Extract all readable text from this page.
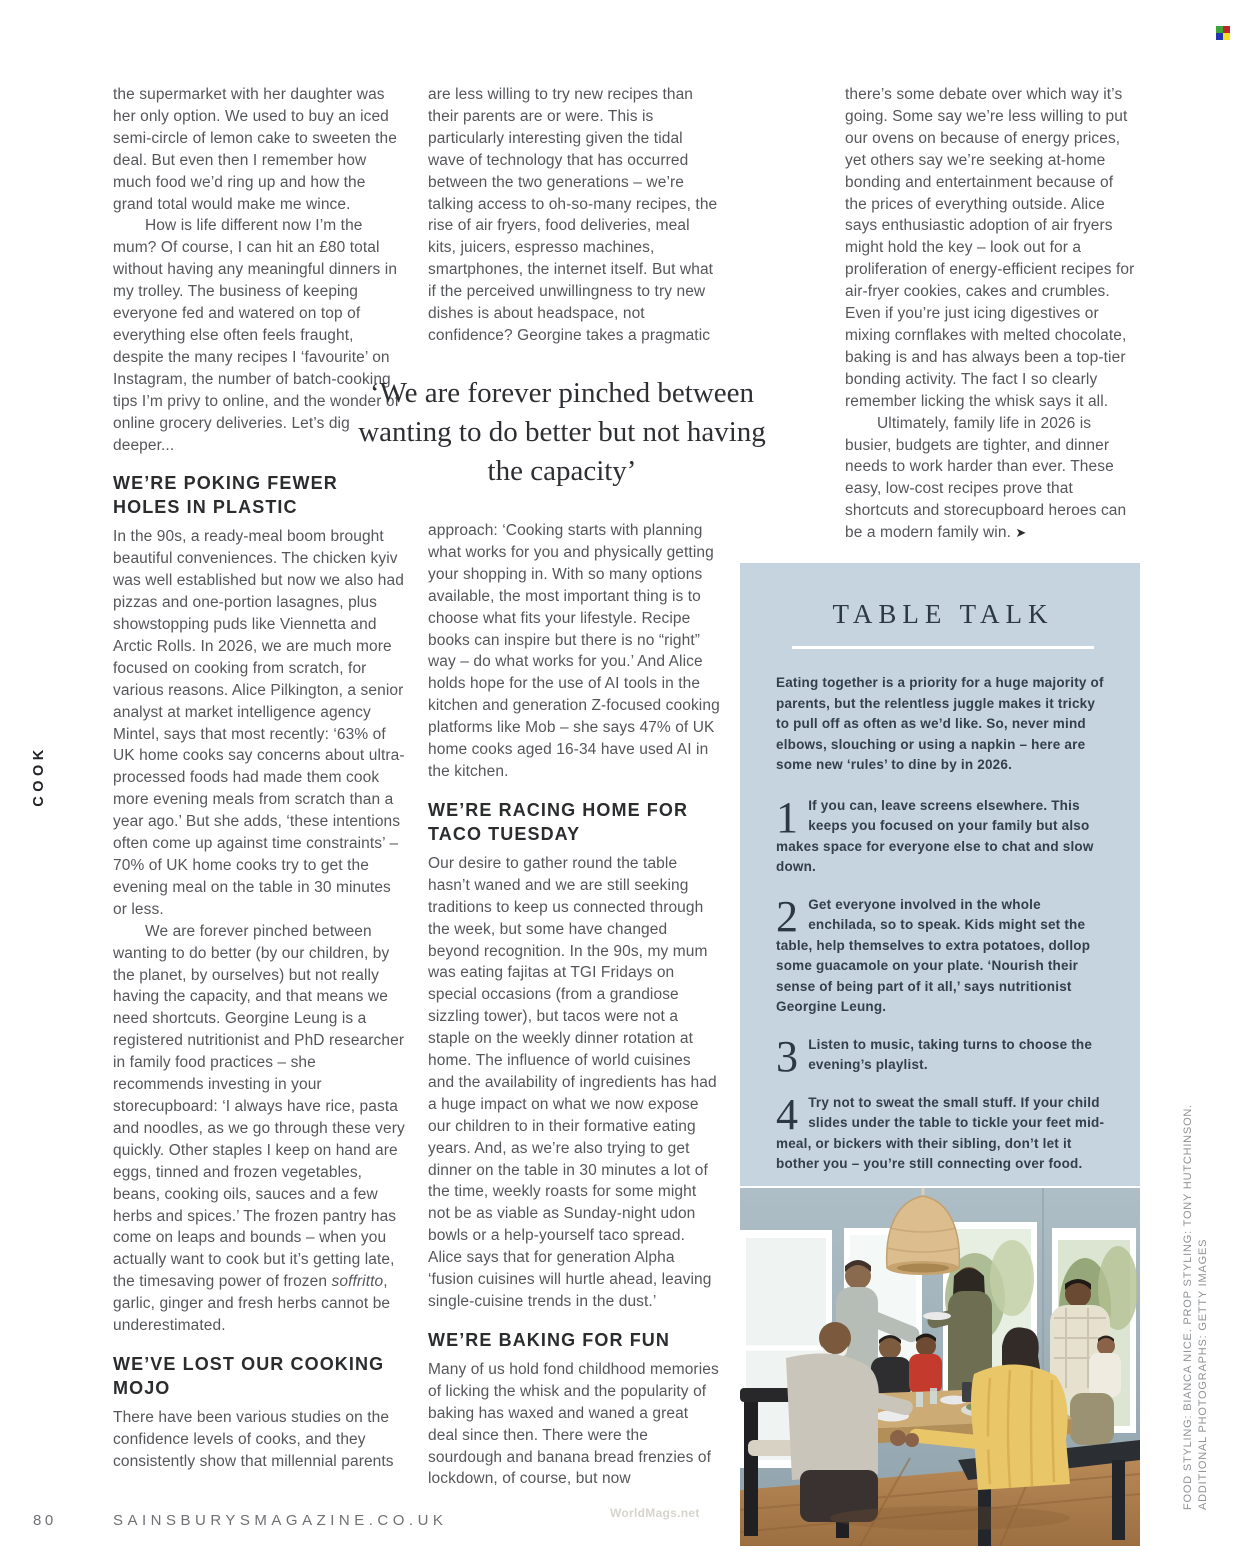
the supermarket with her daughter was her only option. We used to buy an iced semi-circle of lemon cake to sweeten the deal. But even then I remember how much food we’d ring up and how the grand total would make me wince.

How is life different now I’m the mum? Of course, I can hit an £80 total without having any meaningful dinners in my trolley. The business of keeping everyone fed and watered on top of everything else often feels fraught, despite the many recipes I ‘favourite’ on Instagram, the number of batch-cooking tips I’m privy to online, and the wonder of online grocery deliveries. Let’s dig deeper...

WE’RE POKING FEWER HOLES IN PLASTIC

In the 90s, a ready-meal boom brought beautiful conveniences. The chicken kyiv was well established but now we also had pizzas and one-portion lasagnes, plus showstopping puds like Viennetta and Arctic Rolls. In 2026, we are much more focused on cooking from scratch, for various reasons. Alice Pilkington, a senior analyst at market intelligence agency Mintel, says that most recently: ‘63% of UK home cooks say concerns about ultra-processed foods had made them cook more evening meals from scratch than a year ago.’ But she adds, ‘these intentions often come up against time constraints’ – 70% of UK home cooks try to get the evening meal on the table in 30 minutes or less.

We are forever pinched between wanting to do better (by our children, by the planet, by ourselves) but not really having the capacity, and that means we need shortcuts. Georgine Leung is a registered nutritionist and PhD researcher in family food practices – she recommends investing in your storecupboard: ‘I always have rice, pasta and noodles, as we go through these very quickly. Other staples I keep on hand are eggs, tinned and frozen vegetables, beans, cooking oils, sauces and a few herbs and spices.’ The frozen pantry has come on leaps and bounds – when you actually want to cook but it’s getting late, the timesaving power of frozen soffritto, garlic, ginger and fresh herbs cannot be underestimated.

WE’VE LOST OUR COOKING MOJO

There have been various studies on the confidence levels of cooks, and they consistently show that millennial parents

are less willing to try new recipes than their parents are or were. This is particularly interesting given the tidal wave of technology that has occurred between the two generations – we’re talking access to oh-so-many recipes, the rise of air fryers, food deliveries, meal kits, juicers, espresso machines, smartphones, the internet itself. But what if the perceived unwillingness to try new dishes is about headspace, not confidence? Georgine takes a pragmatic

‘We are forever pinched between wanting to do better but not having the capacity’

approach: ‘Cooking starts with planning what works for you and physically getting your shopping in. With so many options available, the most important thing is to choose what fits your lifestyle. Recipe books can inspire but there is no “right” way – do what works for you.’ And Alice holds hope for the use of AI tools in the kitchen and generation Z-focused cooking platforms like Mob – she says 47% of UK home cooks aged 16-34 have used AI in the kitchen.

WE’RE RACING HOME FOR TACO TUESDAY

Our desire to gather round the table hasn’t waned and we are still seeking traditions to keep us connected through the week, but some have changed beyond recognition. In the 90s, my mum was eating fajitas at TGI Fridays on special occasions (from a grandiose sizzling tower), but tacos were not a staple on the weekly dinner rotation at home. The influence of world cuisines and the availability of ingredients has had a huge impact on what we now expose our children to in their formative eating years. And, as we’re also trying to get dinner on the table in 30 minutes a lot of the time, weekly roasts for some might not be as viable as Sunday-night udon bowls or a help-yourself taco spread. Alice says that for generation Alpha ‘fusion cuisines will hurtle ahead, leaving single-cuisine trends in the dust.’

WE’RE BAKING FOR FUN

Many of us hold fond childhood memories of licking the whisk and the popularity of baking has waxed and waned a great deal since then. There were the sourdough and banana bread frenzies of lockdown, of course, but now

there’s some debate over which way it’s going. Some say we’re less willing to put our ovens on because of energy prices, yet others say we’re seeking at-home bonding and entertainment because of the prices of everything outside. Alice says enthusiastic adoption of air fryers might hold the key – look out for a proliferation of energy-efficient recipes for air-fryer cookies, cakes and crumbles. Even if you’re just icing digestives or mixing cornflakes with melted chocolate, baking is and has always been a top-tier bonding activity. The fact I so clearly remember licking the whisk says it all.

Ultimately, family life in 2026 is busier, budgets are tighter, and dinner needs to work harder than ever. These easy, low-cost recipes prove that shortcuts and storecupboard heroes can be a modern family win. ➤

TABLE TALK
Eating together is a priority for a huge majority of parents, but the relentless juggle makes it tricky to pull off as often as we’d like. So, never mind elbows, slouching or using a napkin – here are some new ‘rules’ to dine by in 2026.
1 If you can, leave screens elsewhere. This keeps you focused on your family but also makes space for everyone else to chat and slow down.
2 Get everyone involved in the whole enchilada, so to speak. Kids might set the table, help themselves to extra potatoes, dollop some guacamole on your plate. ‘Nourish their sense of being part of it all,’ says nutritionist Georgine Leung.
3 Listen to music, taking turns to choose the evening’s playlist.
4 Try not to sweat the small stuff. If your child slides under the table to tickle your feet mid-meal, or bickers with their sibling, don’t let it bother you – you’re still connecting over food.
COOK
FOOD STYLING: BIANCA NICE. PROP STYLING: TONY HUTCHINSON. ADDITIONAL PHOTOGRAPHS: GETTY IMAGES
80	SAINSBURYSMAGAZINE.CO.UK	WorldMags.net
